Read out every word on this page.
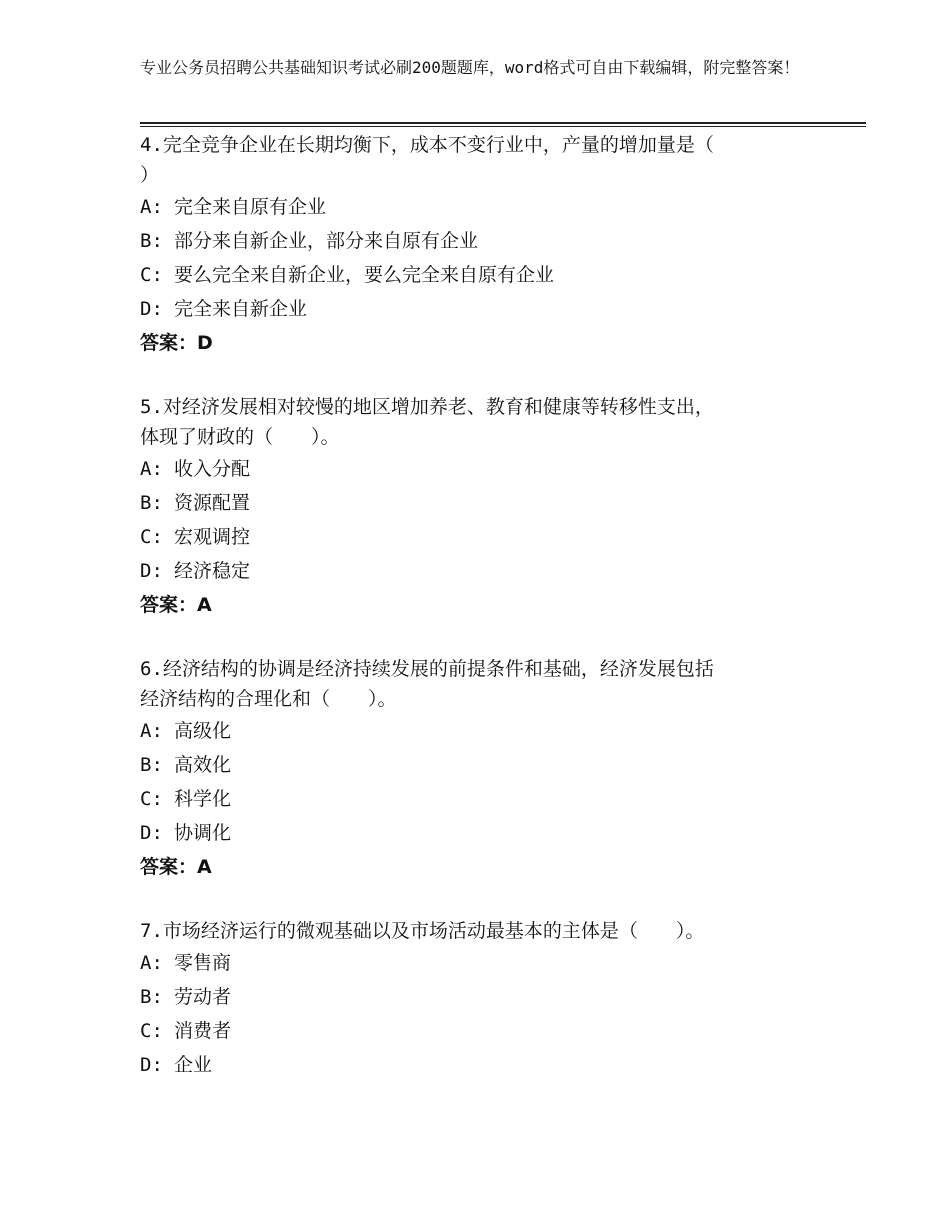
专业公务员招聘公共基础知识考试必刷200题题库，word格式可自由下载编辑，附完整答案！
4.完全竞争企业在长期均衡下，成本不变行业中，产量的增加量是（
）
A: 完全来自原有企业
B: 部分来自新企业，部分来自原有企业
C: 要么完全来自新企业，要么完全来自原有企业
D: 完全来自新企业
答案：D
5.对经济发展相对较慢的地区增加养老、教育和健康等转移性支出，
体现了财政的（　　）。
A: 收入分配
B: 资源配置
C: 宏观调控
D: 经济稳定
答案：A
6.经济结构的协调是经济持续发展的前提条件和基础，经济发展包括
经济结构的合理化和（　　）。
A: 高级化
B: 高效化
C: 科学化
D: 协调化
答案：A
7.市场经济运行的微观基础以及市场活动最基本的主体是（　　）。
A: 零售商
B: 劳动者
C: 消费者
D: 企业
